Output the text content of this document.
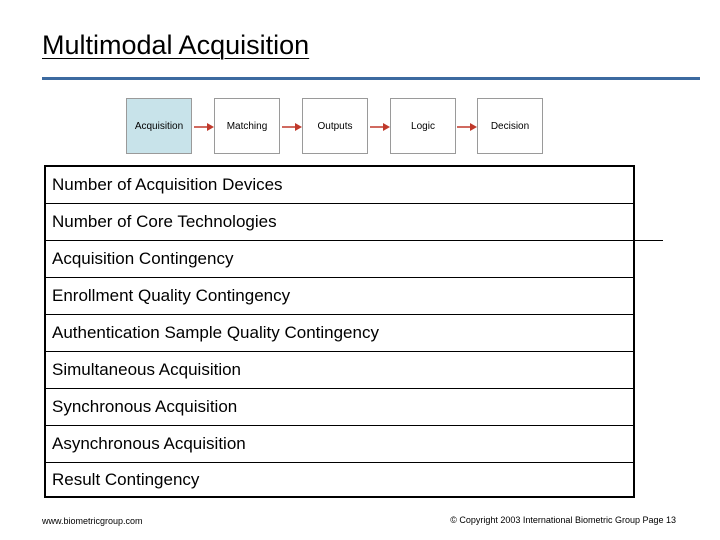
Multimodal Acquisition
Acquisition	Matching	Outputs	Logic	Decision
Number of Acquisition Devices
Number of Core Technologies
Acquisition Contingency
Enrollment Quality Contingency
Authentication Sample Quality Contingency
Simultaneous Acquisition
Synchronous Acquisition
Asynchronous Acquisition
Result Contingency
www.biometricgroup.com	© Copyright 2003 International Biometric Group Page 13
